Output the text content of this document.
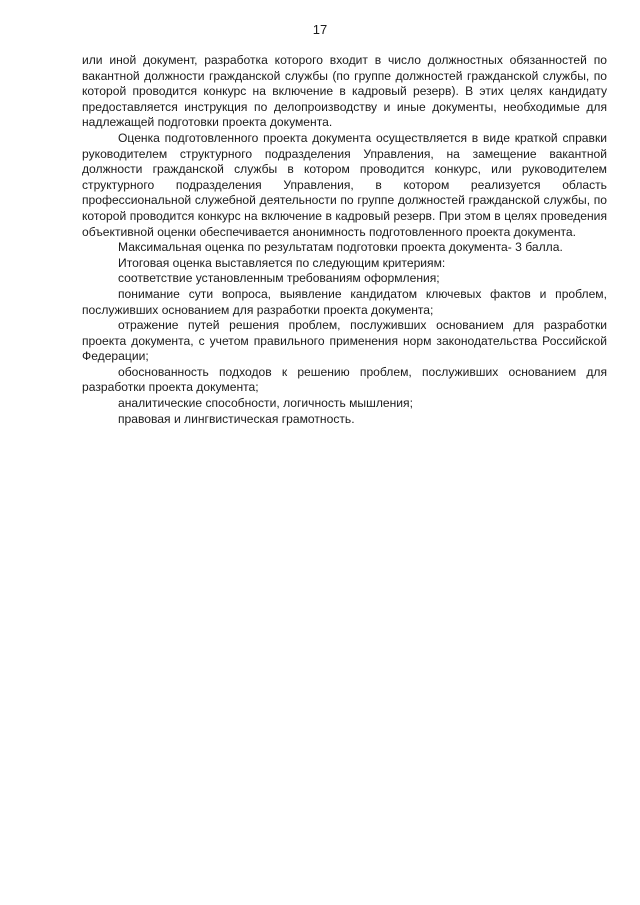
17

или иной документ, разработка которого входит в число должностных обязанностей по вакантной должности гражданской службы (по группе должностей гражданской службы, по которой проводится конкурс на включение в кадровый резерв). В этих целях кандидату предоставляется инструкция по делопроизводству и иные документы, необходимые для надлежащей подготовки проекта документа.

Оценка подготовленного проекта документа осуществляется в виде краткой справки руководителем структурного подразделения Управления, на замещение вакантной должности гражданской службы в котором проводится конкурс, или руководителем структурного подразделения Управления, в котором реализуется область профессиональной служебной деятельности по группе должностей гражданской службы, по которой проводится конкурс на включение в кадровый резерв. При этом в целях проведения объективной оценки обеспечивается анонимность подготовленного проекта документа.

Максимальная оценка по результатам подготовки проекта документа- 3 балла.

Итоговая оценка выставляется по следующим критериям:

соответствие установленным требованиям оформления;

понимание сути вопроса, выявление кандидатом ключевых фактов и проблем, послуживших основанием для разработки проекта документа;

отражение путей решения проблем, послуживших основанием для разработки проекта документа, с учетом правильного применения норм законодательства Российской Федерации;

обоснованность подходов к решению проблем, послуживших основанием для разработки проекта документа;

аналитические способности, логичность мышления;

правовая и лингвистическая грамотность.
